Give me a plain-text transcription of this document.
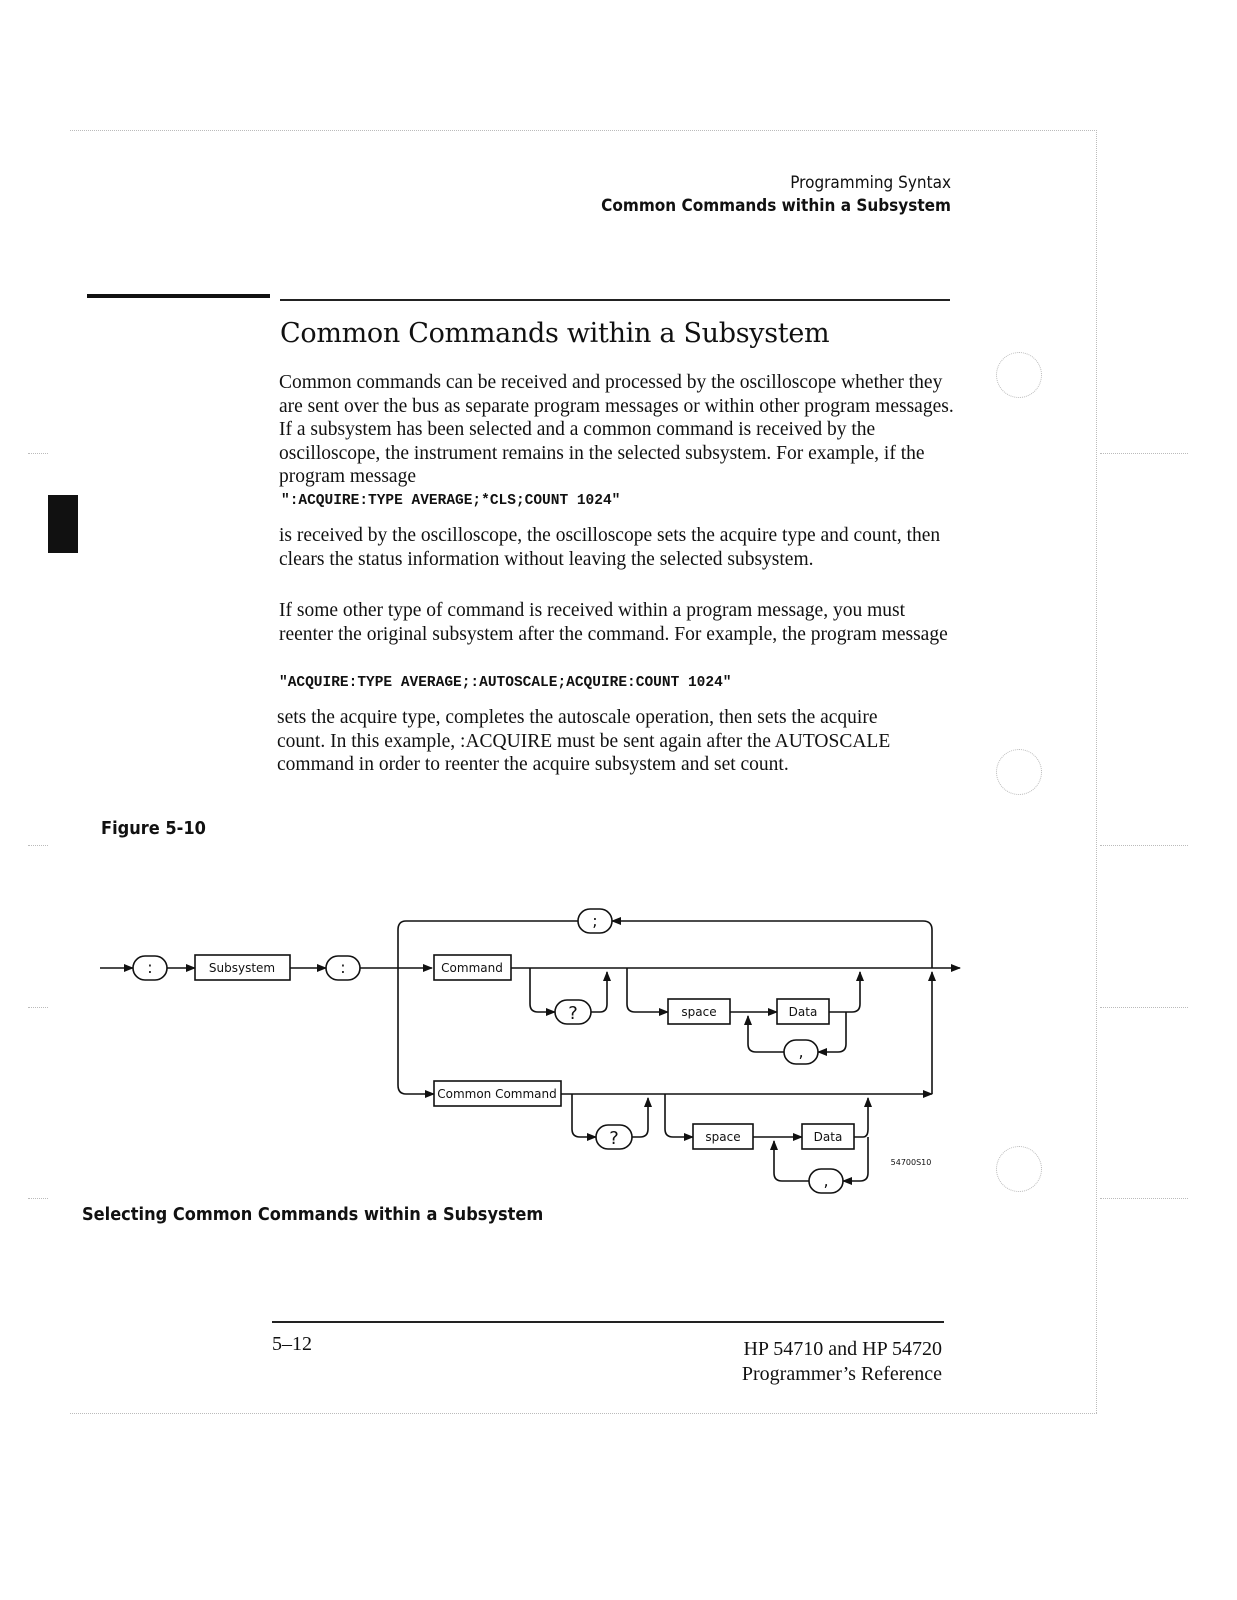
Programming Syntax
Common Commands within a Subsystem
Common Commands within a Subsystem
Common commands can be received and processed by the oscilloscope whether they are sent over the bus as separate program messages or within other program messages. If a subsystem has been selected and a common command is received by the oscilloscope, the instrument remains in the selected subsystem. For example, if the program message
":ACQUIRE:TYPE AVERAGE;*CLS;COUNT 1024"
is received by the oscilloscope, the oscilloscope sets the acquire type and count, then clears the status information without leaving the selected subsystem.
If some other type of command is received within a program message, you must reenter the original subsystem after the command. For example, the program message
"ACQUIRE:TYPE AVERAGE;:AUTOSCALE;ACQUIRE:COUNT 1024"
sets the acquire type, completes the autoscale operation, then sets the acquire count. In this example, :ACQUIRE must be sent again after the AUTOSCALE command in order to reenter the acquire subsystem and set count.
Figure 5-10
:	Subsystem	:
;
Command
?	space	Data
,
Common Command
?	space	Data
,
54700S10
Selecting Common Commands within a Subsystem
5–12	HP 54710 and HP 54720
Programmer’s Reference
